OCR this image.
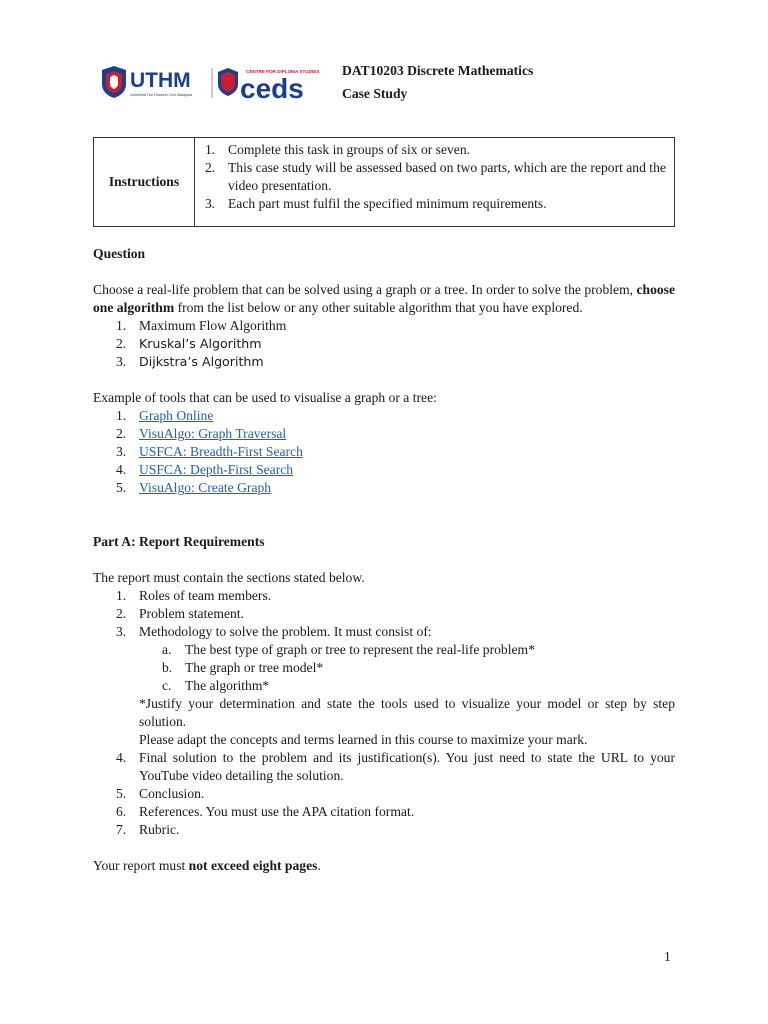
UTHM
Universiti Tun Hussein Onn Malaysia
CENTRE FOR DIPLOMA STUDIES
ceds
DAT10203 Discrete Mathematics
Case Study
Instructions
1. Complete this task in groups of six or seven.
2. This case study will be assessed based on two parts, which are the report and the video presentation.
3. Each part must fulfil the specified minimum requirements.

Question

Choose a real-life problem that can be solved using a graph or a tree. In order to solve the problem, choose one algorithm from the list below or any other suitable algorithm that you have explored.

1. Maximum Flow Algorithm
2. Kruskal’s Algorithm
3. Dijkstra’s Algorithm

Example of tools that can be used to visualise a graph or a tree:

1. Graph Online
2. VisuAlgo: Graph Traversal
3. USFCA: Breadth-First Search
4. USFCA: Depth-First Search
5. VisuAlgo: Create Graph

Part A: Report Requirements

The report must contain the sections stated below.

1. Roles of team members.
2. Problem statement.
3. Methodology to solve the problem. It must consist of:
a. The best type of graph or tree to represent the real-life problem*
b. The graph or tree model*
c. The algorithm*

*Justify your determination and state the tools used to visualize your model or step by step solution.

Please adapt the concepts and terms learned in this course to maximize your mark.

4. Final solution to the problem and its justification(s). You just need to state the URL to your YouTube video detailing the solution.
5. Conclusion.
6. References. You must use the APA citation format.
7. Rubric.

Your report must not exceed eight pages.

1
